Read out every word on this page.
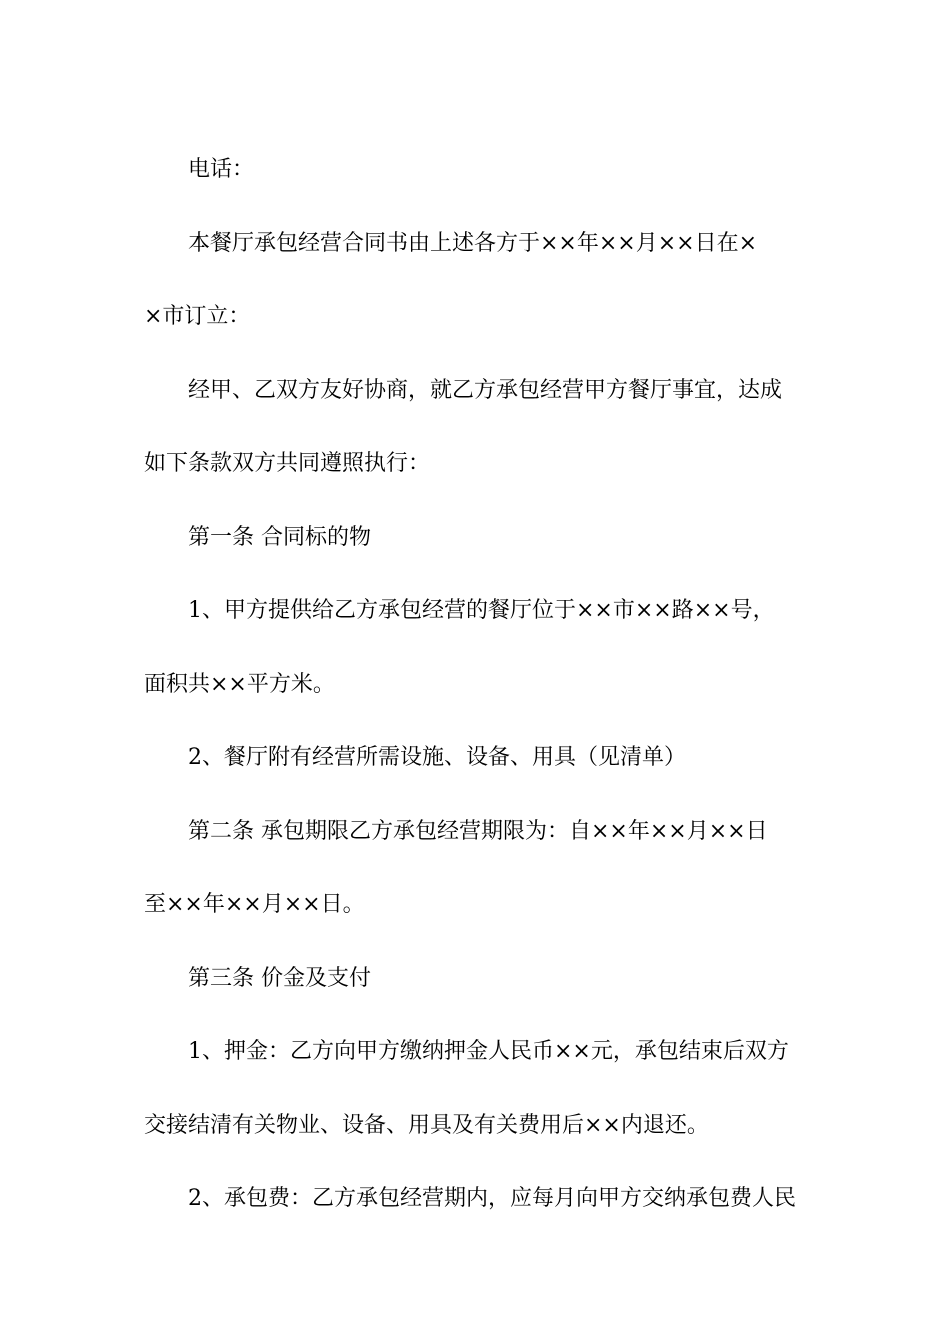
电话：
本餐厅承包经营合同书由上述各方于××年××月××日在×
×市订立：
经甲、乙双方友好协商，就乙方承包经营甲方餐厅事宜，达成
如下条款双方共同遵照执行：
第一条 合同标的物
1、甲方提供给乙方承包经营的餐厅位于××市××路××号，
面积共××平方米。
2、餐厅附有经营所需设施、设备、用具（见清单）
第二条 承包期限乙方承包经营期限为：自××年××月××日
至××年××月××日。
第三条 价金及支付
1、押金：乙方向甲方缴纳押金人民币××元，承包结束后双方
交接结清有关物业、设备、用具及有关费用后××内退还。
2、承包费：乙方承包经营期内，应每月向甲方交纳承包费人民
